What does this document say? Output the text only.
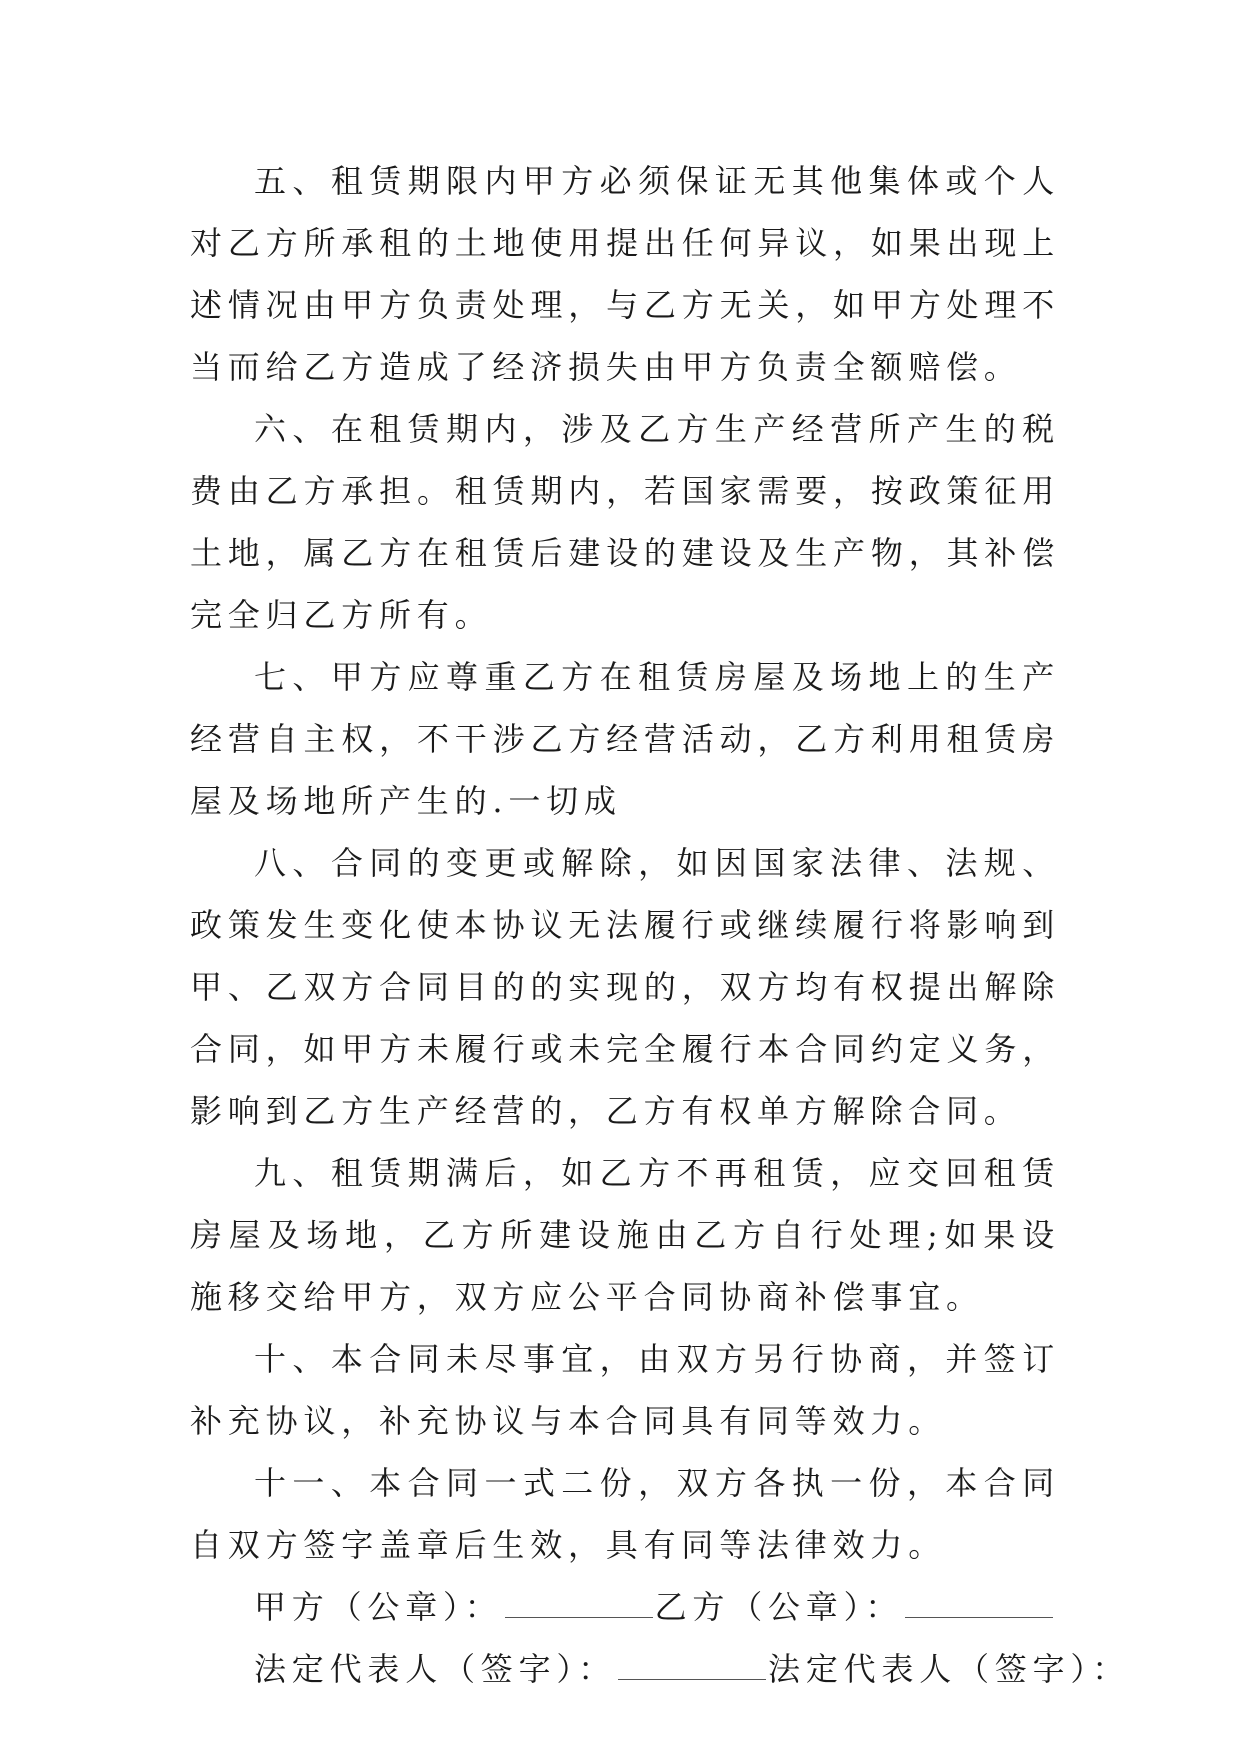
五、租赁期限内甲方必须保证无其他集体或个人对乙方所承租的土地使用提出任何异议，如果出现上述情况由甲方负责处理，与乙方无关，如甲方处理不当而给乙方造成了经济损失由甲方负责全额赔偿。

六、在租赁期内，涉及乙方生产经营所产生的税费由乙方承担。租赁期内，若国家需要，按政策征用土地，属乙方在租赁后建设的建设及生产物，其补偿完全归乙方所有。

七、甲方应尊重乙方在租赁房屋及场地上的生产经营自主权，不干涉乙方经营活动，乙方利用租赁房屋及场地所产生的.一切成

八、合同的变更或解除，如因国家法律、法规、政策发生变化使本协议无法履行或继续履行将影响到甲、乙双方合同目的的实现的，双方均有权提出解除合同，如甲方未履行或未完全履行本合同约定义务，影响到乙方生产经营的，乙方有权单方解除合同。

九、租赁期满后，如乙方不再租赁，应交回租赁房屋及场地，乙方所建设施由乙方自行处理;如果设施移交给甲方，双方应公平合同协商补偿事宜。

十、本合同未尽事宜，由双方另行协商，并签订补充协议，补充协议与本合同具有同等效力。

十一、本合同一式二份，双方各执一份，本合同自双方签字盖章后生效，具有同等法律效力。

甲方（公章）：	乙方（公章）：

法定代表人（签字）：	法定代表人（签字）：
